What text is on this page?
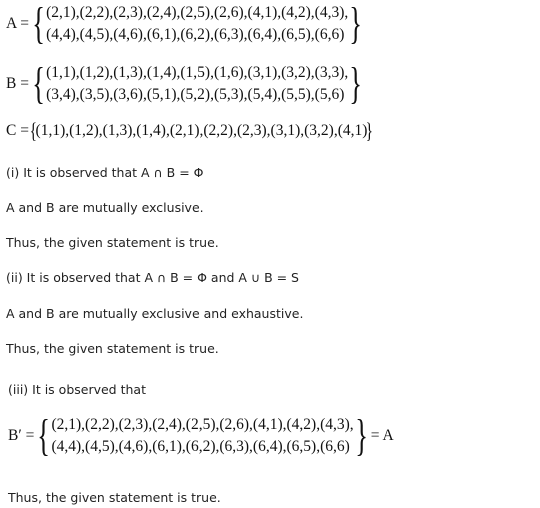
A = { (2,1),(2,2),(2,3),(2,4),(2,5),(2,6),(4,1),(4,2),(4,3),
(4,4),(4,5),(4,6),(6,1),(6,2),(6,3),(6,4),(6,5),(6,6) }
B = { (1,1),(1,2),(1,3),(1,4),(1,5),(1,6),(3,1),(3,2),(3,3),
(3,4),(3,5),(3,6),(5,1),(5,2),(5,3),(5,4),(5,5),(5,6) }
C = {
(1,1),(1,2),(1,3),(1,4),(2,1),(2,2),(2,3),(3,1),(3,2),(4,1)
}
(i) It is observed that A ∩ B = Φ
A and B are mutually exclusive.
Thus, the given statement is true.
(ii) It is observed that A ∩ B = Φ and A ∪ B = S
A and B are mutually exclusive and exhaustive.
Thus, the given statement is true.
(iii) It is observed that
B′ = { (2,1),(2,2),(2,3),(2,4),(2,5),(2,6),(4,1),(4,2),(4,3),
(4,4),(4,5),(4,6),(6,1),(6,2),(6,3),(6,4),(6,5),(6,6) } = A
Thus, the given statement is true.
